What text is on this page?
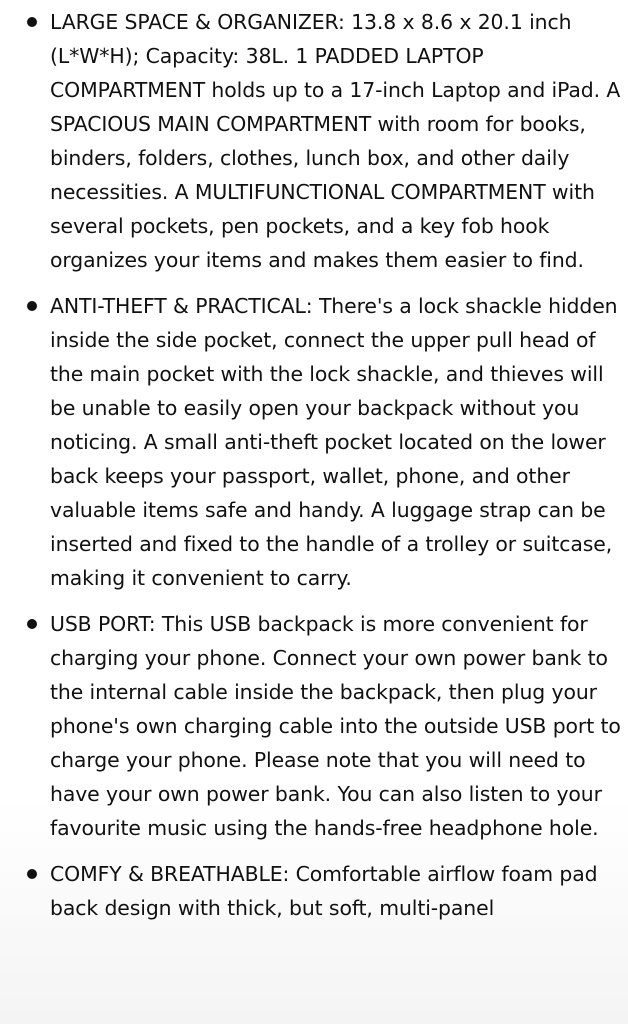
LARGE SPACE & ORGANIZER: 13.8 x 8.6 x 20.1 inch (L*W*H); Capacity: 38L. 1 PADDED LAPTOP COMPARTMENT holds up to a 17-inch Laptop and iPad. A SPACIOUS MAIN COMPARTMENT with room for books, binders, folders, clothes, lunch box, and other daily necessities. A MULTIFUNCTIONAL COMPARTMENT with several pockets, pen pockets, and a key fob hook organizes your items and makes them easier to find.
ANTI-THEFT & PRACTICAL: There's a lock shackle hidden inside the side pocket, connect the upper pull head of the main pocket with the lock shackle, and thieves will be unable to easily open your backpack without you noticing. A small anti-theft pocket located on the lower back keeps your passport, wallet, phone, and other valuable items safe and handy. A luggage strap can be inserted and fixed to the handle of a trolley or suitcase, making it convenient to carry.
USB PORT: This USB backpack is more convenient for charging your phone. Connect your own power bank to the internal cable inside the backpack, then plug your phone's own charging cable into the outside USB port to charge your phone. Please note that you will need to have your own power bank. You can also listen to your favourite music using the hands-free headphone hole.
COMFY & BREATHABLE: Comfortable airflow foam pad back design with thick, but soft, multi-panel
